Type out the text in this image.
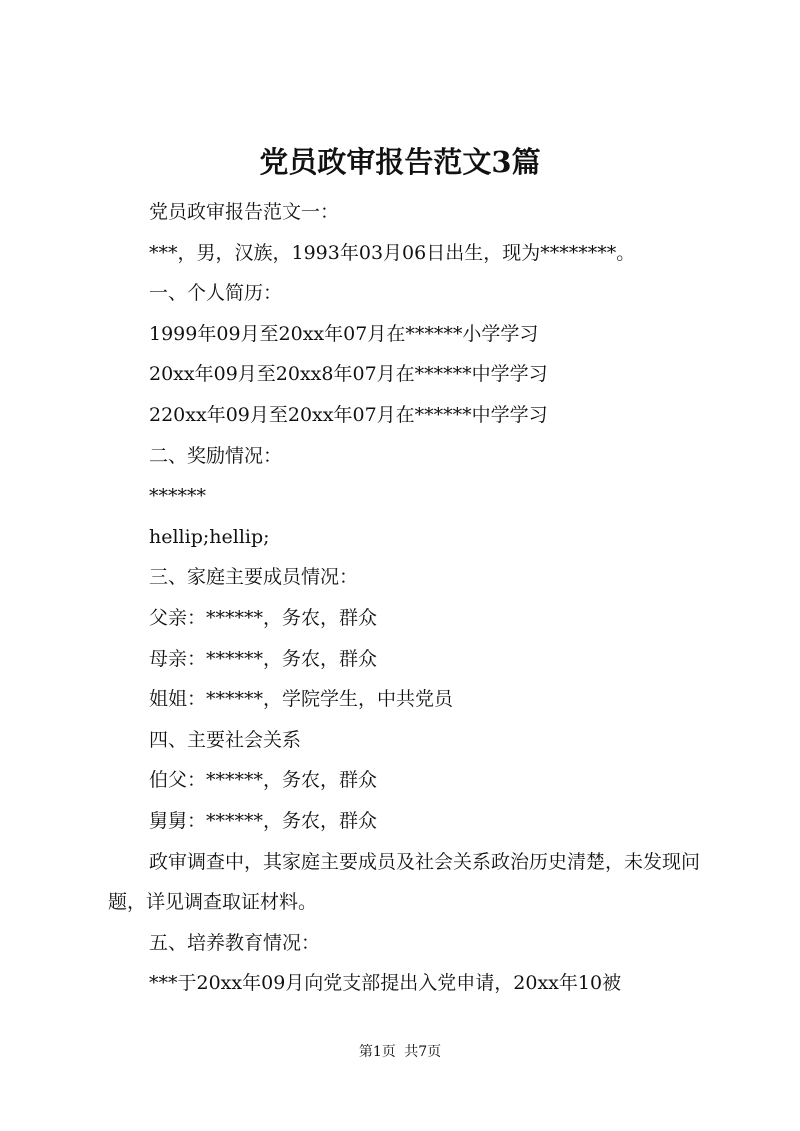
党员政审报告范文3篇

党员政审报告范文一：

***，男，汉族，1993年03月06日出生，现为********。

一、个人简历：

1999年09月至20xx年07月在******小学学习

20xx年09月至20xx8年07月在******中学学习

220xx年09月至20xx年07月在******中学学习

二、奖励情况：

******

hellip;hellip;

三、家庭主要成员情况：

父亲：******，务农，群众

母亲：******，务农，群众

姐姐：******，学院学生，中共党员

四、主要社会关系

伯父：******，务农，群众

舅舅：******，务农，群众

政审调查中，其家庭主要成员及社会关系政治历史清楚，未发现问题，详见调查取证材料。

五、培养教育情况：

***于20xx年09月向党支部提出入党申请，20xx年10被

第1页 共7页
